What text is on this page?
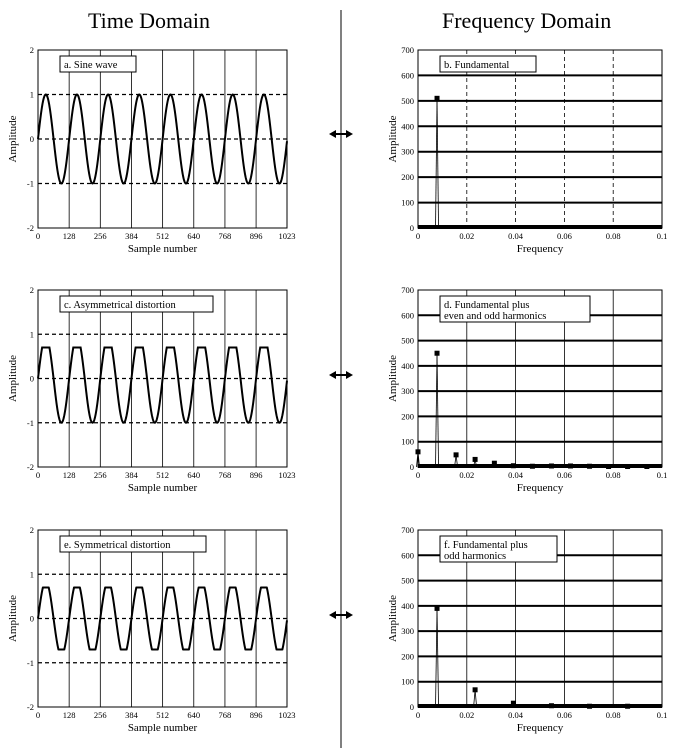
Time Domain	Frequency Domain
-2
-1
0
1
2
0	128 256 384 512 640 768 896 1023
Sample number
Amplitude
a. Sine wave
0
100
200
300
400
500
600
700
0	0.02	0.04	0.06	0.08	0.1
Frequency
Amplitude
b. Fundamental
-2
-1
0
1
2
0	128 256 384 512 640 768 896 1023
Sample number
Amplitude
c. Asymmetrical distortion
0
100
200
300
400
500
600
700
0	0.02	0.04	0.06	0.08	0.1
Frequency
Amplitude
d. Fundamental plus
even and odd harmonics
-2
-1
0
1
2
0	128 256 384 512 640 768 896 1023
Sample number
Amplitude
e. Symmetrical distortion
0
100
200
300
400
500
600
700
0	0.02	0.04	0.06	0.08	0.1
Frequency
Amplitude
f. Fundamental plus
odd harmonics
